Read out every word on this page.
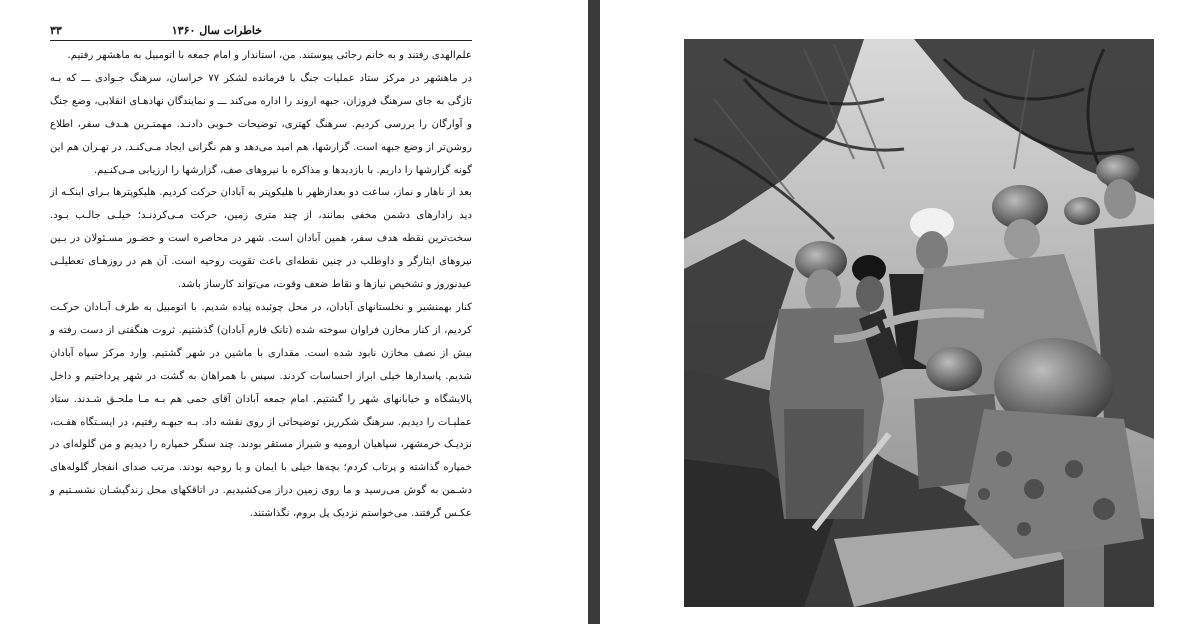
خاطرات سال ۱۳۶۰
۳۳

علم‌الهدی رفتند و به خانم رجائی پیوستند. من، استاندار و امام جمعه با اتومبیل به ماهشهر رفتیم.

در ماهشهر در مرکز ستاد عملیات جنگ با فرمانده لشکر ۷۷ خراسان، سرهنگ جـوادی ـــ که بـه تازگی به جای سرهنگ فروزان، جبهه اروند را اداره می‌کند ـــ و نمایندگان نهادهـای انقلابی، وضع جنگ و آوارگان را بررسی کردیم. سرهنگ کهتری، توضیحات خـوبی دادنـد. مهمتـرین هـدف سفر، اطلاع روشن‌تر از وضع جبهه است. گزارشها، هم امید می‌دهد و هم نگرانی ایجاد مـی‌کنـد. در تهـران هم این گونه گزارشها را داریم. با بازدیدها و مذاکره با نیروهای صف، گزارشها را ارزیابی مـی‌کنـیم.

بعد از ناهار و نماز، ساعت دو بعدازظهر با هلیکوپتر به آبادان حرکت کردیم. هلیکوپترها بـرای اینکـه از دید رادارهای دشمن مخفی بمانند، از چند متری زمین، حرکت مـی‌کردنـد؛ خیلـی جالـب بـود. سخت‌ترین نقطه هدف سفر، همین آبادان است. شهر در محاصره است و حضـور مسـئولان در بـین نیروهای ایثارگر و داوطلب در چنین نقطه‌ای باعث تقویت روحیه است. آن هم در روزهـای تعطیلـی عیدنوروز و تشخیص نیازها و نقاط ضعف وقوت، می‌تواند کارساز باشد.

کنار بهمنشیر و نخلستانهای آبادان، در محل چوئبده پیاده شدیم. با اتومبیل به طرف آبـادان حرکـت کردیم، از کنار مخازن فراوان سوخته شده (تانک فارم آبادان) گذشتیم. ثروت هنگفتی از دست رفته و بیش از نصف مخازن نابود شده است. مقداری با ماشین در شهر گشتیم. وارد مرکز سپاه آبادان شدیم. پاسدارها خیلی ابراز احساسات کردند. سپس با همراهان به گشت در شهر پرداختیم و داخل پالایشگاه و خیابانهای شهر را گشتیم. امام جمعه آبادان آقای جمی هم بـه مـا ملحـق شـدند. ستاد عملیـات را دیدیم. سرهنگ شکرریز، توضیحاتی از روی نقشه داد. بـه جبهـه رفتیم، در ایسـتگاه هفـت، نزدیـک خرمشهر، سپاهیان ارومیه و شیراز مستقر بودند. چند سنگر خمپاره را دیدیم و من گلوله‌ای در خمپاره گذاشته و پرتاب کردم؛ بچه‌ها خیلی با ایمان و با روحیه بودند. مرتب صدای انفجار گلوله‌های دشـمن به گوش می‌رسید و ما روی زمین دراز می‌کشیدیم. در اتاقکهای محل زندگیشـان نشسـتیم و عکـس گرفتند. می‌خواستم نزدیک پل بروم، نگذاشتند.
